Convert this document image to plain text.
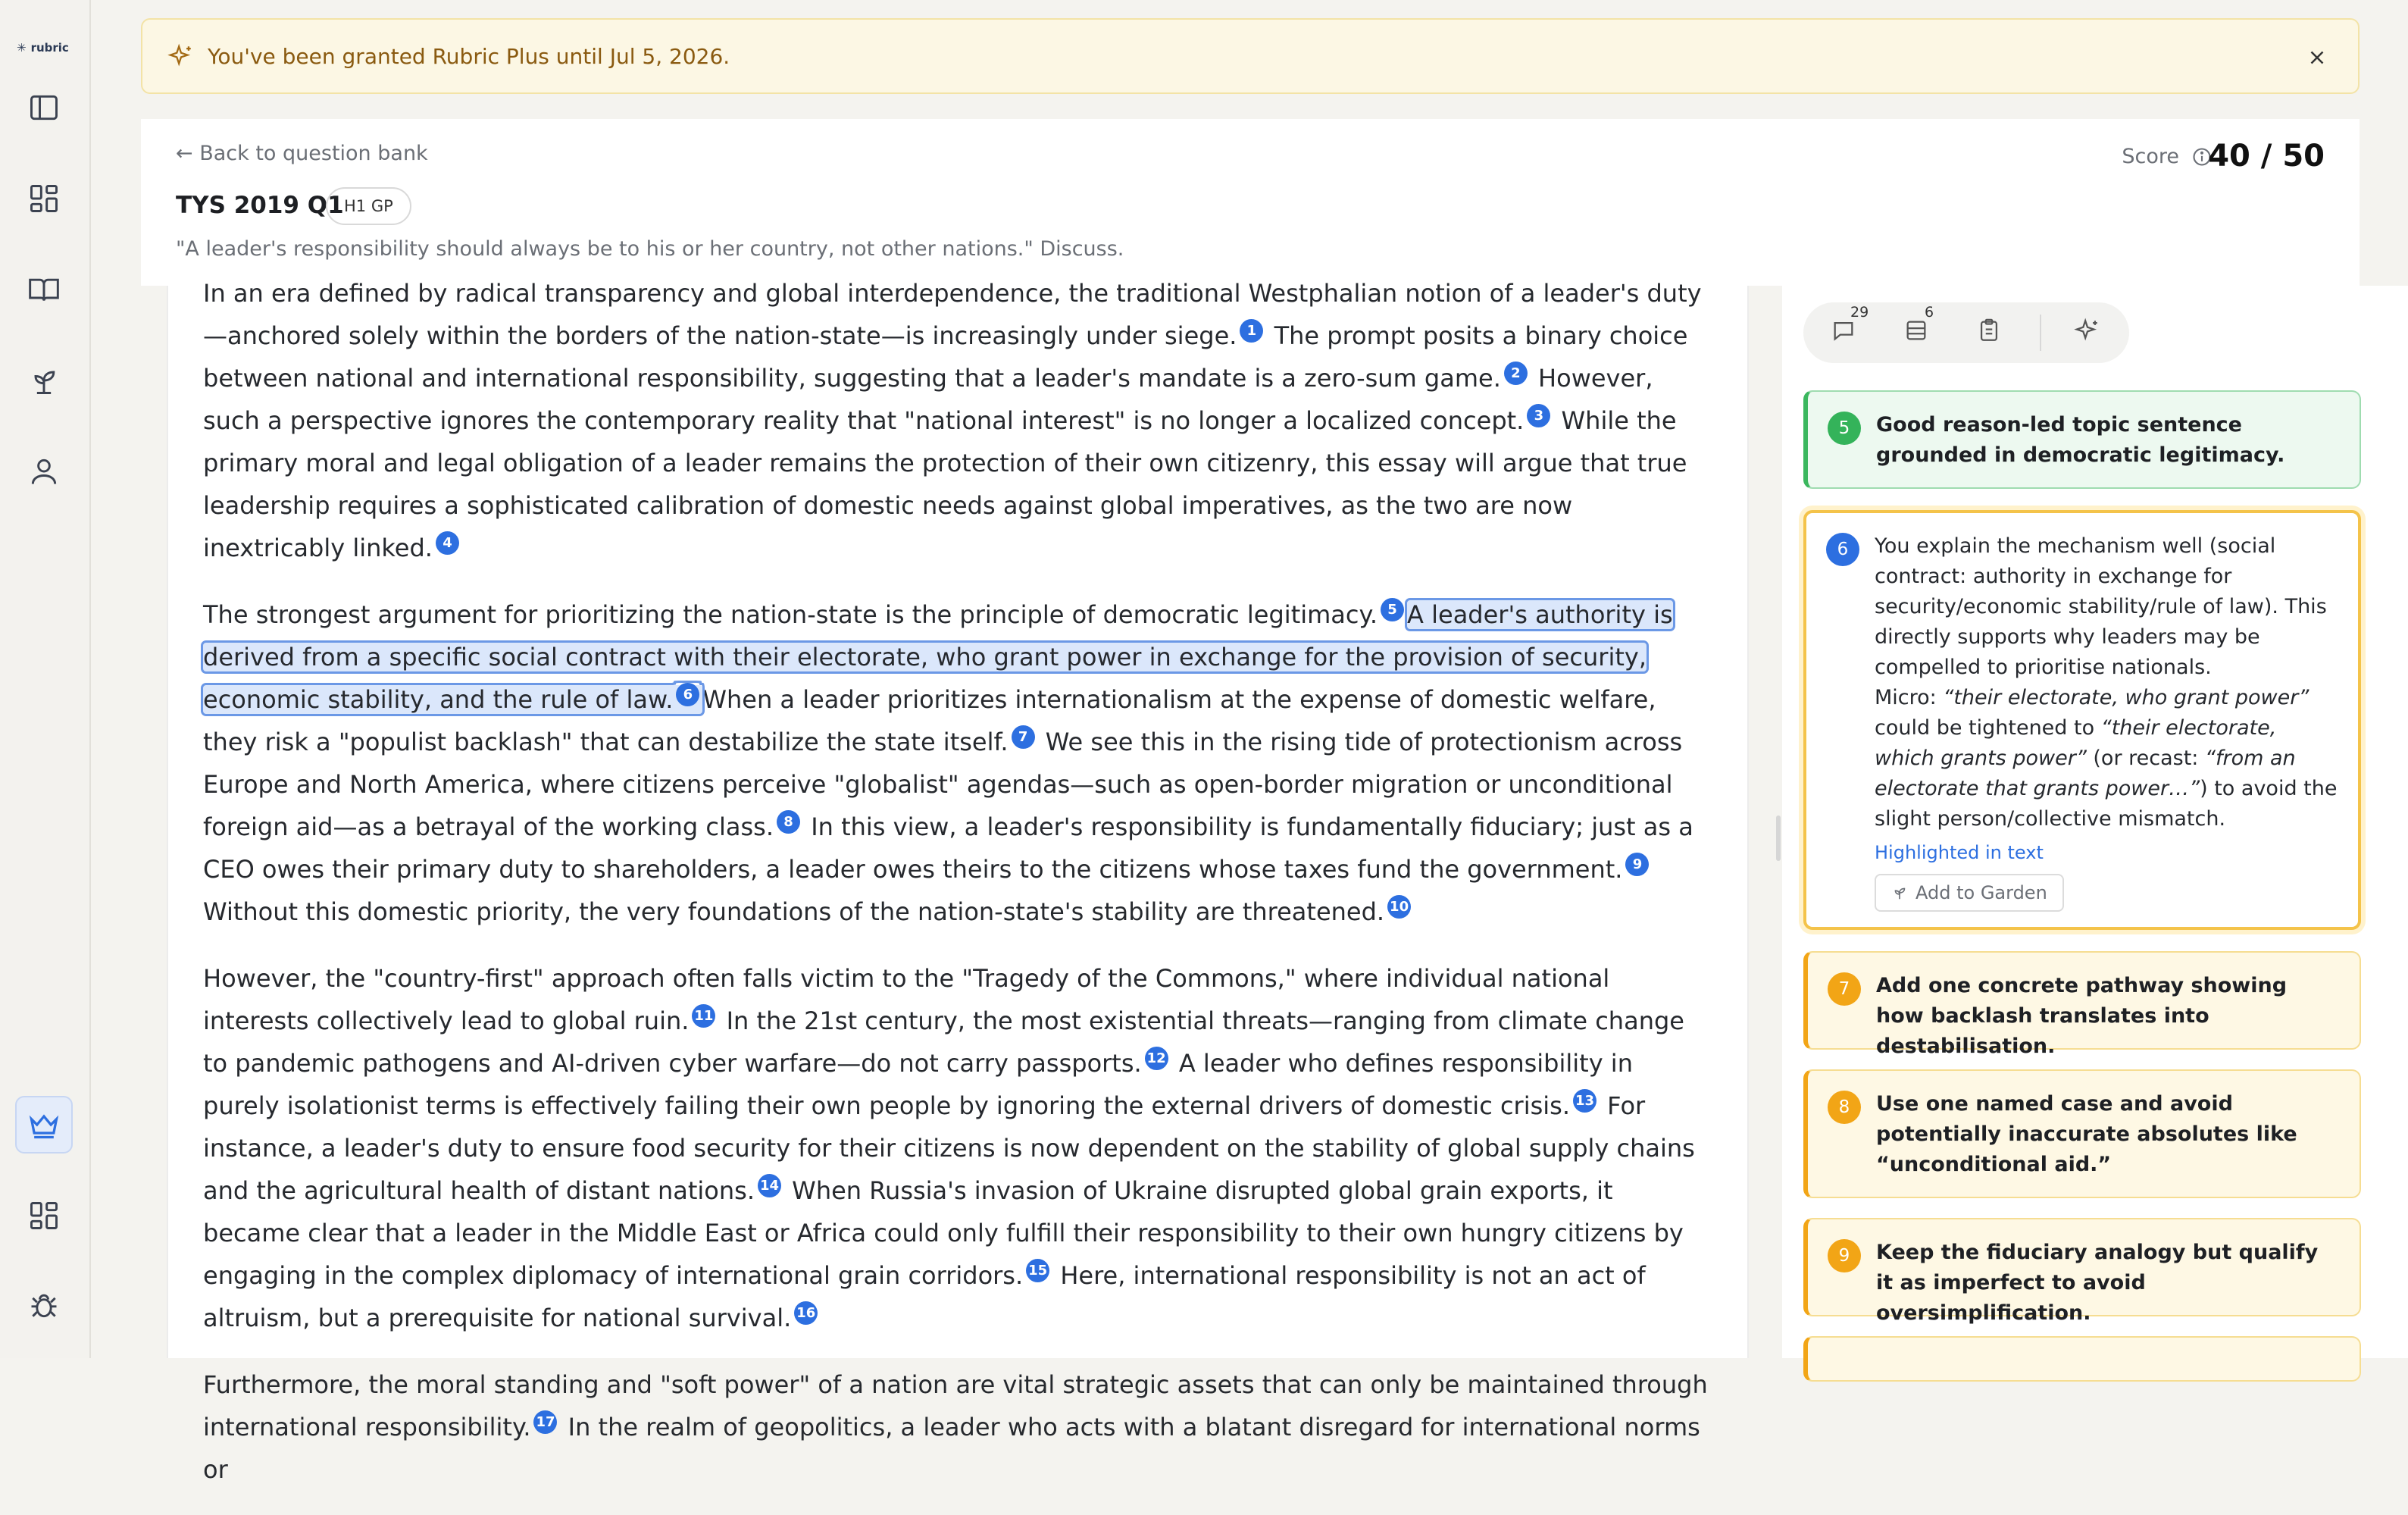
✳ rubric	You've been granted Rubric Plus until Jul 5, 2026.
← Back to question bank
TYS 2019 Q1 H1 GP
"A leader's responsibility should always be to his or her country, not other nations." Discuss.
Score 40 / 50

In an era defined by radical transparency and global interdependence, the traditional Westphalian notion of a leader's duty—anchored solely within the borders of the nation-state—is increasingly under siege. 1 The prompt posits a binary choice between national and international responsibility, suggesting that a leader's mandate is a zero-sum game. 2 However, such a perspective ignores the contemporary reality that "national interest" is no longer a localized concept. 3 While the primary moral and legal obligation of a leader remains the protection of their own citizenry, this essay will argue that true leadership requires a sophisticated calibration of domestic needs against global imperatives, as the two are now inextricably linked. 4

The strongest argument for prioritizing the nation-state is the principle of democratic legitimacy. 5 A leader's authority is derived from a specific social contract with their electorate, who grant power in exchange for the provision of security, economic stability, and the rule of law. 6 When a leader prioritizes internationalism at the expense of domestic welfare, they risk a "populist backlash" that can destabilize the state itself. 7 We see this in the rising tide of protectionism across Europe and North America, where citizens perceive "globalist" agendas—such as open-border migration or unconditional foreign aid—as a betrayal of the working class. 8 In this view, a leader's responsibility is fundamentally fiduciary; just as a CEO owes their primary duty to shareholders, a leader owes theirs to the citizens whose taxes fund the government. 9 Without this domestic priority, the very foundations of the nation-state's stability are threatened. 10

However, the "country-first" approach often falls victim to the "Tragedy of the Commons," where individual national interests collectively lead to global ruin. 11 In the 21st century, the most existential threats—ranging from climate change to pandemic pathogens and AI-driven cyber warfare—do not carry passports. 12 A leader who defines responsibility in purely isolationist terms is effectively failing their own people by ignoring the external drivers of domestic crisis. 13 For instance, a leader's duty to ensure food security for their citizens is now dependent on the stability of global supply chains and the agricultural health of distant nations. 14 When Russia's invasion of Ukraine disrupted global grain exports, it became clear that a leader in the Middle East or Africa could only fulfill their responsibility to their own hungry citizens by engaging in the complex diplomacy of international grain corridors. 15 Here, international responsibility is not an act of altruism, but a prerequisite for national survival. 16

Furthermore, the moral standing and "soft power" of a nation are vital strategic assets that can only be maintained through international responsibility. 17 In the realm of geopolitics, a leader who acts with a blatant disregard for international norms or

29	6
5	Good reason-led topic sentence grounded in democratic legitimacy.
6	You explain the mechanism well (social contract: authority in exchange for security/economic stability/rule of law). This directly supports why leaders may be compelled to prioritise nationals.
Micro: “their electorate, who grant power” could be tightened to “their electorate, which grants power” (or recast: “from an electorate that grants power…”) to avoid the slight person/collective mismatch.
Highlighted in text
Add to Garden
7	Add one concrete pathway showing how backlash translates into destabilisation.
8	Use one named case and avoid potentially inaccurate absolutes like “unconditional aid.”
9	Keep the fiduciary analogy but qualify it as imperfect to avoid oversimplification.
